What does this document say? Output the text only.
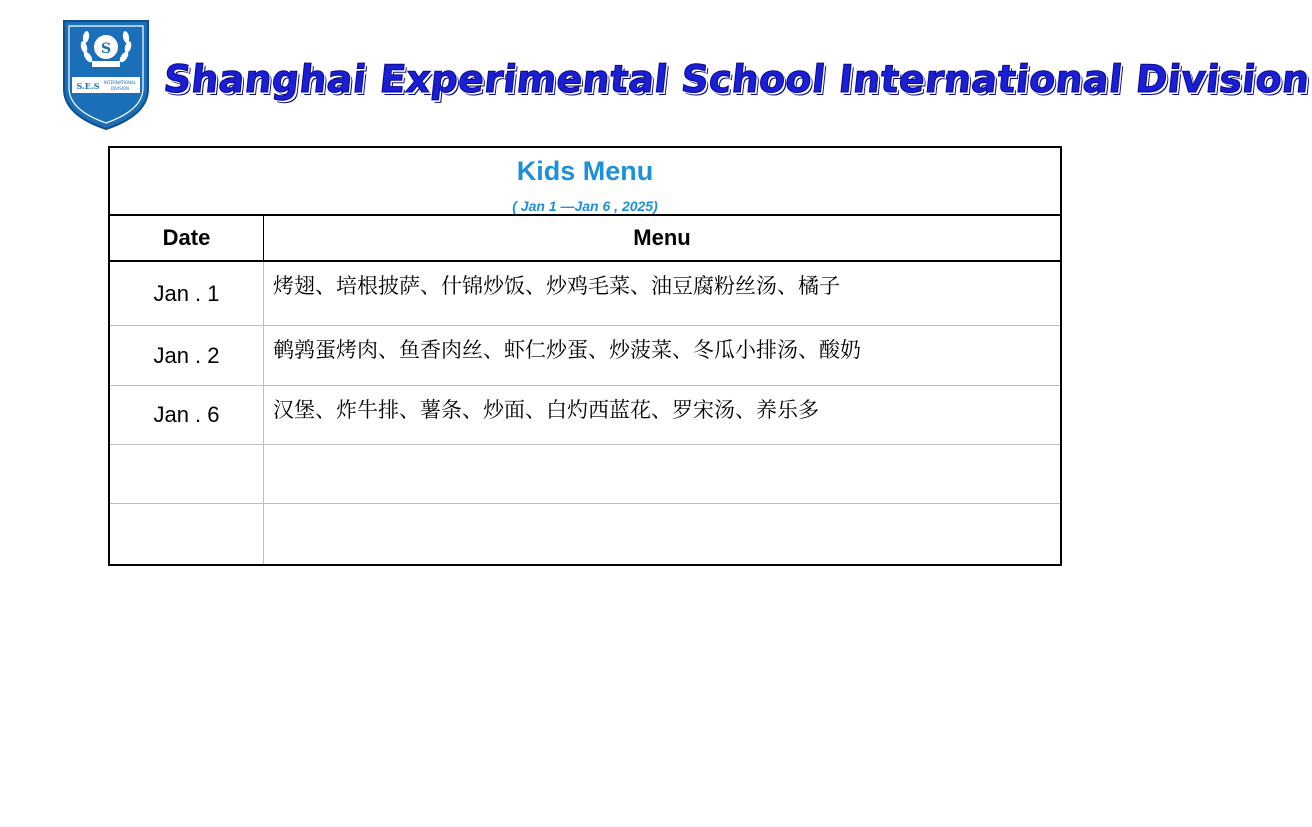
S
S.E.S INTERNATIONAL
DIVISION Shanghai Experimental School International Division
Kids Menu
( Jan 1 —Jan 6 , 2025)
Date	Menu
Jan . 1	烤翅、培根披萨、什锦炒饭、炒鸡毛菜、油豆腐粉丝汤、橘子
Jan . 2	鹌鹑蛋烤肉、鱼香肉丝、虾仁炒蛋、炒菠菜、冬瓜小排汤、酸奶
Jan . 6	汉堡、炸牛排、薯条、炒面、白灼西蓝花、罗宋汤、养乐多
